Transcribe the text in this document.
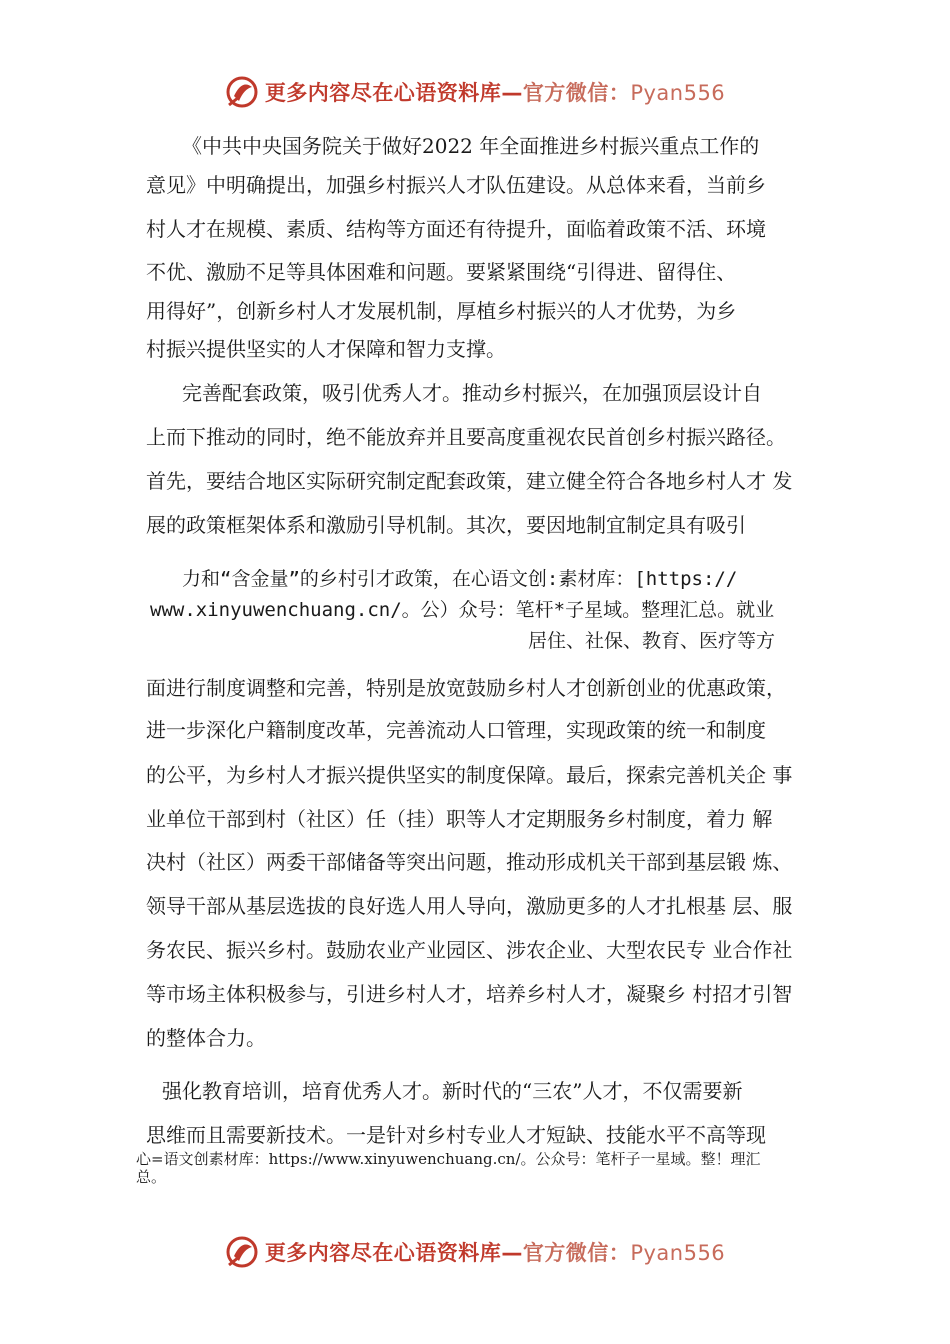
更多内容尽在心语资料库—官方微信：Pyan556
《中共中央国务院关于做好2022 年全面推进乡村振兴重点工作的
意见》中明确提出，加强乡村振兴人才队伍建设。从总体来看，当前乡
村人才在规模、素质、结构等方面还有待提升，面临着政策不活、环境
不优、激励不足等具体困难和问题。要紧紧围绕“引得进、留得住、
用得好”，创新乡村人才发展机制，厚植乡村振兴的人才优势，为乡
村振兴提供坚实的人才保障和智力支撑。
完善配套政策，吸引优秀人才。推动乡村振兴，在加强顶层设计自
上而下推动的同时，绝不能放弃并且要高度重视农民首创乡村振兴路径。
首先，要结合地区实际研究制定配套政策，建立健全符合各地乡村人才 发
展的政策框架体系和激励引导机制。其次，要因地制宜制定具有吸引
力和“含金量”的乡村引才政策，在心语文创:素材库：[https://
www.xinyuwenchuang.cn/。公）众号：笔杆*子星域。整理汇总。就业
居住、社保、教育、医疗等方
面进行制度调整和完善，特别是放宽鼓励乡村人才创新创业的优惠政策，
进一步深化户籍制度改革，完善流动人口管理，实现政策的统一和制度
的公平，为乡村人才振兴提供坚实的制度保障。最后，探索完善机关企 事
业单位干部到村（社区）任（挂）职等人才定期服务乡村制度，着力 解
决村（社区）两委干部储备等突出问题，推动形成机关干部到基层锻 炼、
领导干部从基层选拔的良好选人用人导向，激励更多的人才扎根基 层、服
务农民、振兴乡村。鼓励农业产业园区、涉农企业、大型农民专 业合作社
等市场主体积极参与，引进乡村人才，培养乡村人才，凝聚乡 村招才引智
的整体合力。
强化教育培训，培育优秀人才。新时代的“三农”人才，不仅需要新
思维而且需要新技术。一是针对乡村专业人才短缺、技能水平不高等现
心=语文创素材库：https://www.xinyuwenchuang.cn/。公众号：笔杆子一星域。整！理汇
总。
更多内容尽在心语资料库—官方微信：Pyan556
